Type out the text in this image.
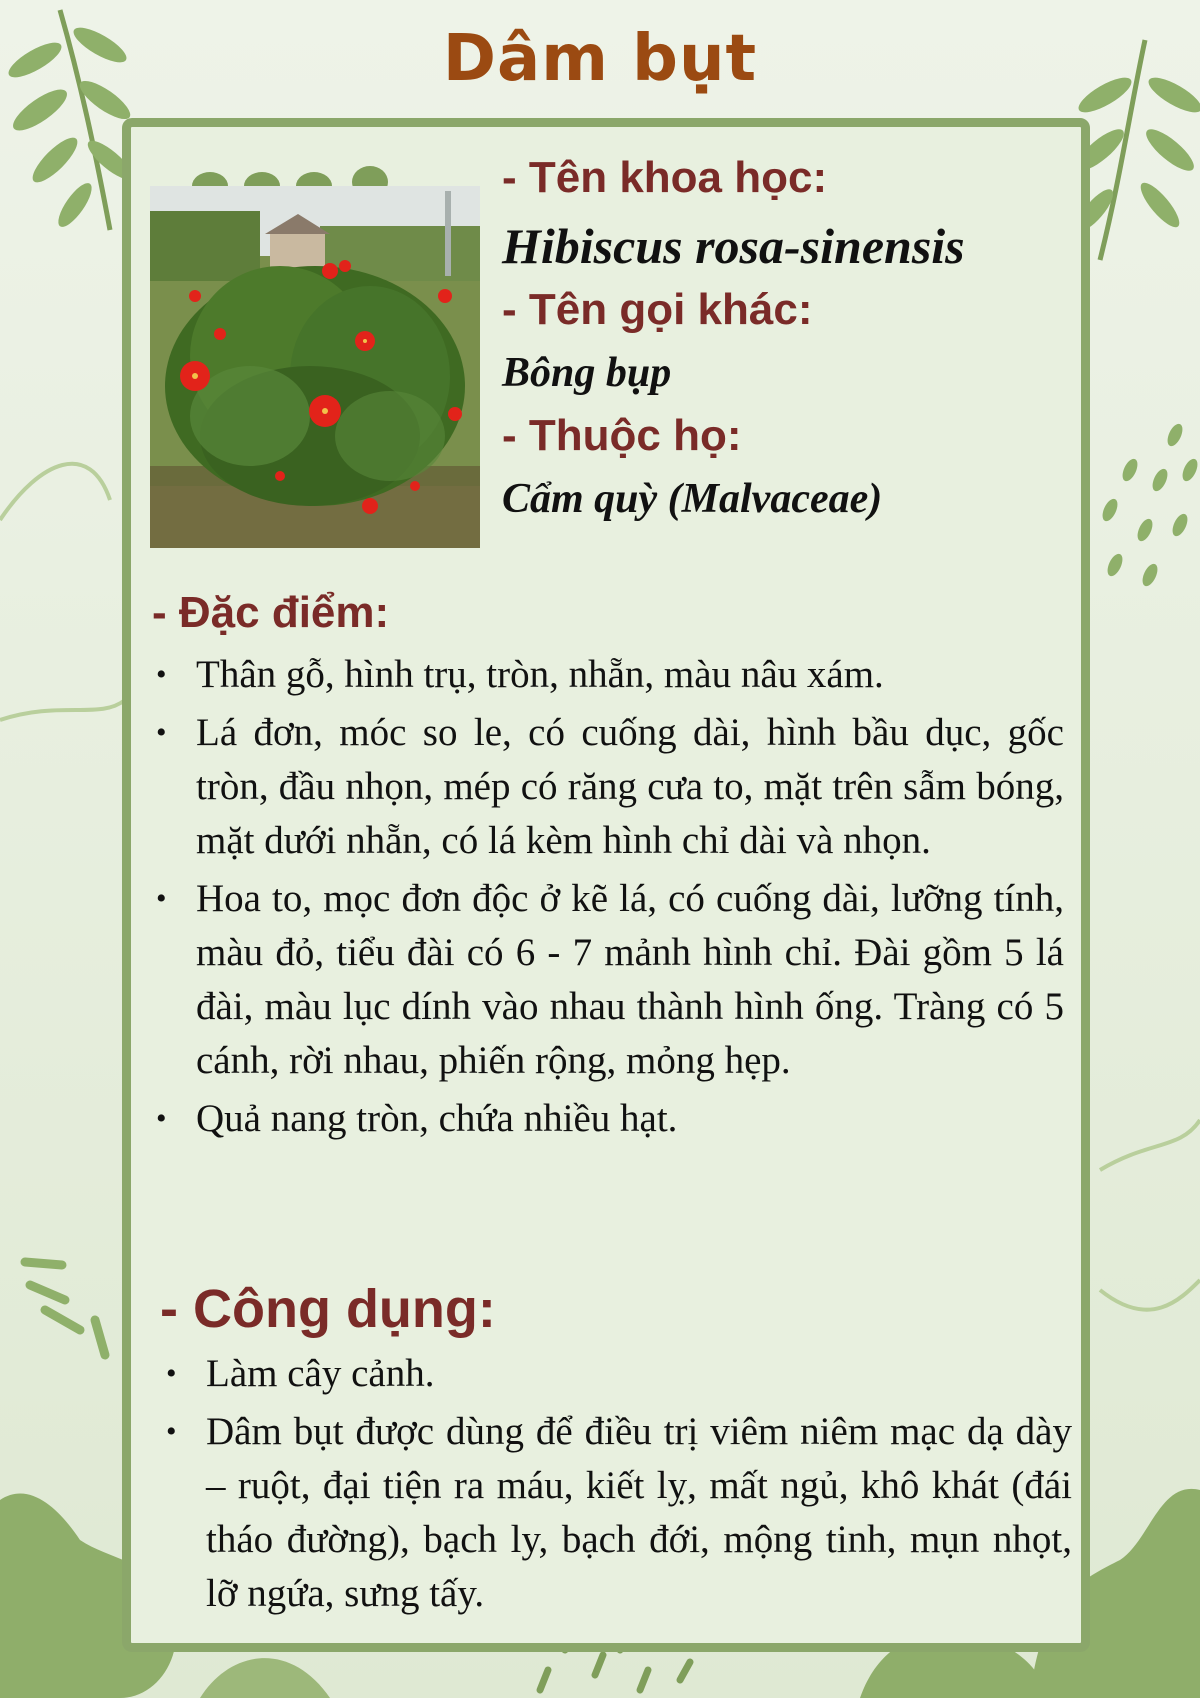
Dâm bụt
- Tên khoa học:
Hibiscus rosa-sinensis
- Tên gọi khác:
Bông bụp
- Thuộc họ:
Cẩm quỳ (Malvaceae)
- Đặc điểm:
• Thân gỗ, hình trụ, tròn, nhẵn, màu nâu xám.
• Lá đơn, móc so le, có cuống dài, hình bầu dục, gốc tròn, đầu nhọn, mép có răng cưa to, mặt trên sẫm bóng, mặt dưới nhẵn, có lá kèm hình chỉ dài và nhọn.
• Hoa to, mọc đơn độc ở kẽ lá, có cuống dài, lưỡng tính, màu đỏ, tiểu đài có 6 - 7 mảnh hình chỉ. Đài gồm 5 lá đài, màu lục dính vào nhau thành hình ống. Tràng có 5 cánh, rời nhau, phiến rộng, mỏng hẹp.
• Quả nang tròn, chứa nhiều hạt.
- Công dụng:
• Làm cây cảnh.
• Dâm bụt được dùng để điều trị viêm niêm mạc dạ dày – ruột, đại tiện ra máu, kiết lỵ, mất ngủ, khô khát (đái tháo đường), bạch ly, bạch đới, mộng tinh, mụn nhọt, lỡ ngứa, sưng tấy.
